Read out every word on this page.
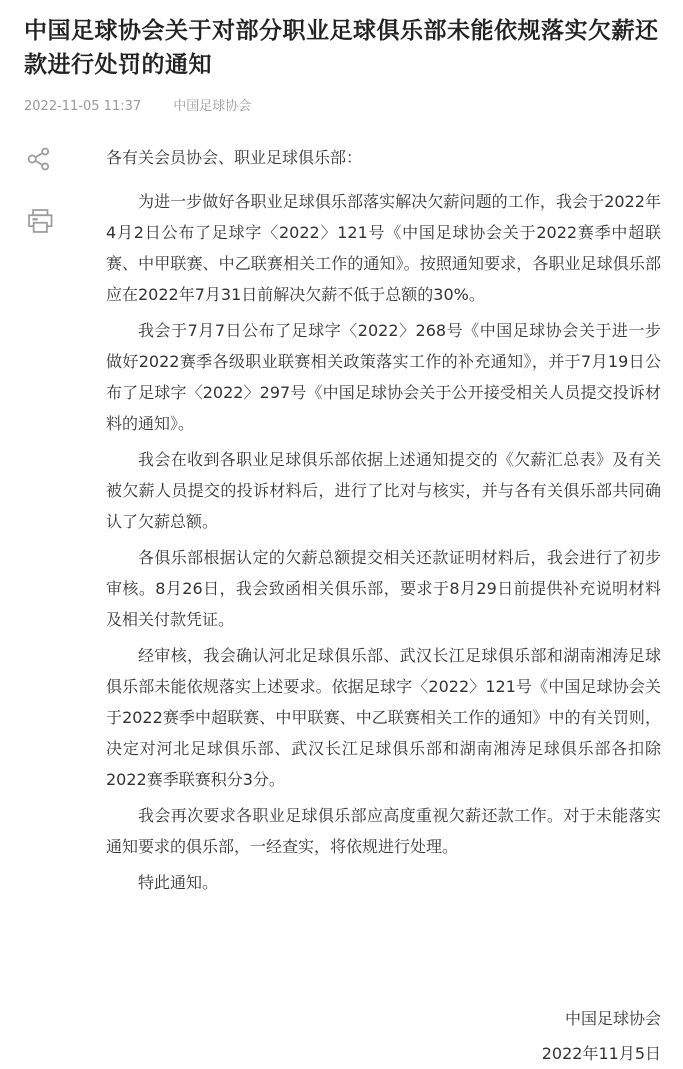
中国足球协会关于对部分职业足球俱乐部未能依规落实欠薪还款进行处罚的通知
2022-11-05 11:37 中国足球协会

各有关会员协会、职业足球俱乐部：

为进一步做好各职业足球俱乐部落实解决欠薪问题的工作，我会于2022年4月2日公布了足球字〈2022〉121号《中国足球协会关于2022赛季中超联赛、中甲联赛、中乙联赛相关工作的通知》。按照通知要求，各职业足球俱乐部应在2022年7月31日前解决欠薪不低于总额的30%。

我会于7月7日公布了足球字〈2022〉268号《中国足球协会关于进一步做好2022赛季各级职业联赛相关政策落实工作的补充通知》，并于7月19日公布了足球字〈2022〉297号《中国足球协会关于公开接受相关人员提交投诉材料的通知》。

我会在收到各职业足球俱乐部依据上述通知提交的《欠薪汇总表》及有关被欠薪人员提交的投诉材料后，进行了比对与核实，并与各有关俱乐部共同确认了欠薪总额。

各俱乐部根据认定的欠薪总额提交相关还款证明材料后，我会进行了初步审核。8月26日，我会致函相关俱乐部，要求于8月29日前提供补充说明材料及相关付款凭证。

经审核，我会确认河北足球俱乐部、武汉长江足球俱乐部和湖南湘涛足球俱乐部未能依规落实上述要求。依据足球字〈2022〉121号《中国足球协会关于2022赛季中超联赛、中甲联赛、中乙联赛相关工作的通知》中的有关罚则，决定对河北足球俱乐部、武汉长江足球俱乐部和湖南湘涛足球俱乐部各扣除2022赛季联赛积分3分。

我会再次要求各职业足球俱乐部应高度重视欠薪还款工作。对于未能落实通知要求的俱乐部，一经查实，将依规进行处理。

特此通知。

中国足球协会
2022年11月5日
